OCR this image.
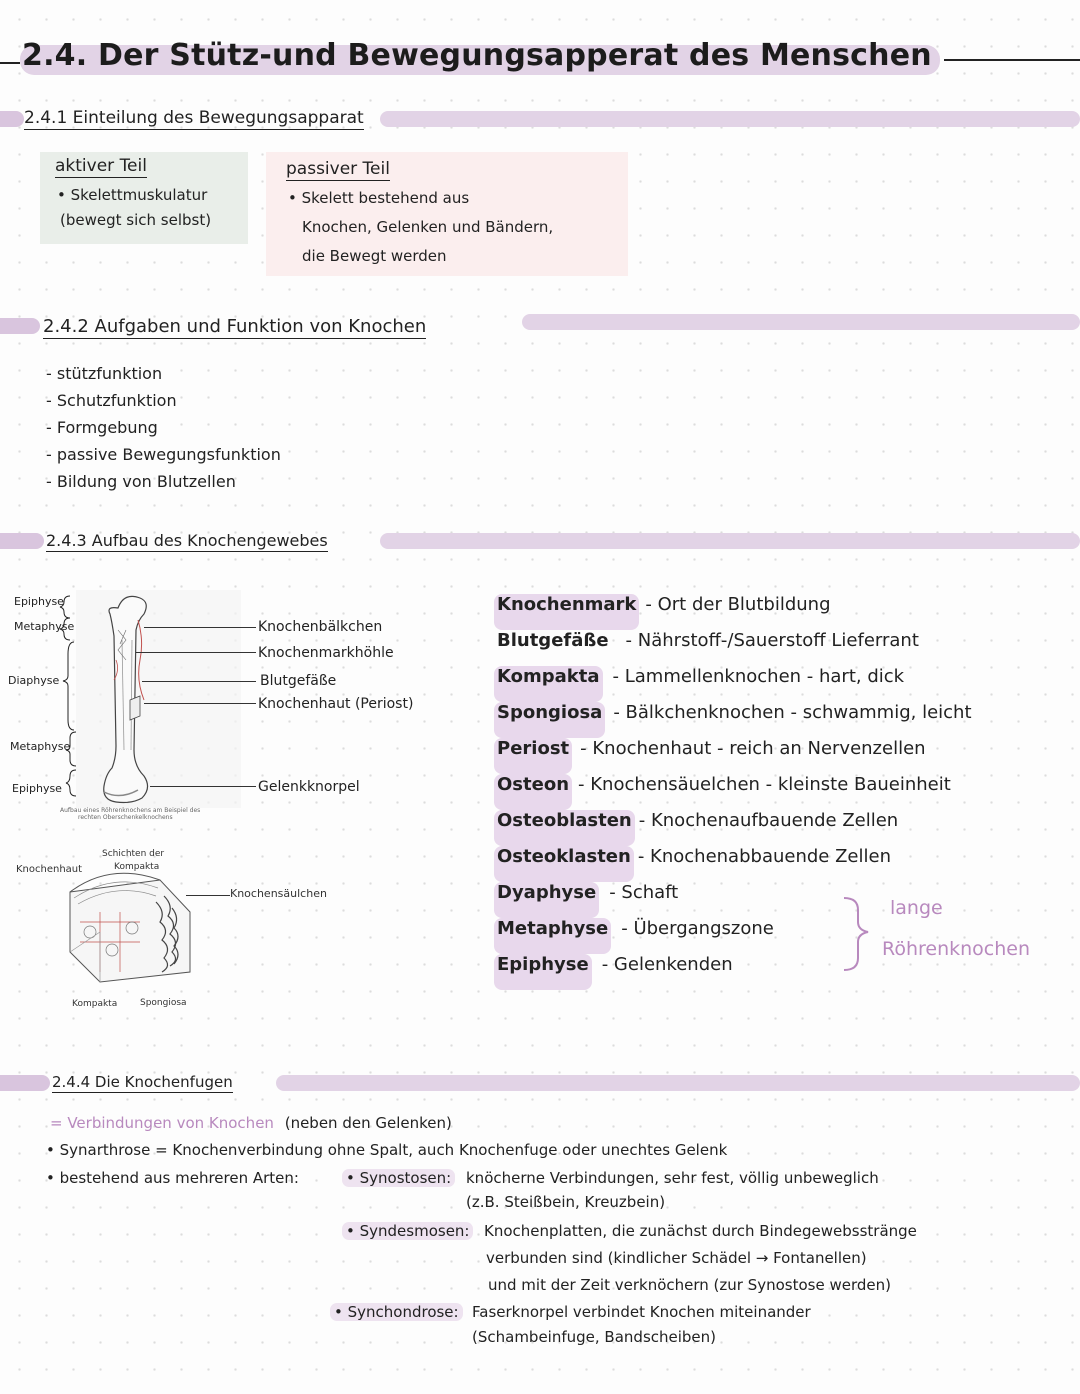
2.4. Der Stütz-und Bewegungsapperat des Menschen
2.4.1 Einteilung des Bewegungsapparat
aktiver Teil
• Skelettmuskulatur
(bewegt sich selbst)
passiver Teil
• Skelett bestehend aus
Knochen, Gelenken und Bändern,
die Bewegt werden
2.4.2 Aufgaben und Funktion von Knochen
- stützfunktion
- Schutzfunktion
- Formgebung
- passive Bewegungsfunktion
- Bildung von Blutzellen
2.4.3 Aufbau des Knochengewebes
Epiphyse
Metaphyse
Diaphyse
Metaphyse
Epiphyse
Knochenbälkchen
Knochenmarkhöhle
Blutgefäße
Knochenhaut (Periost)
Gelenkknorpel
Aufbau eines Röhrenknochens am Beispiel des
rechten Oberschenkelknochens
Schichten der
Kompakta
Knochenhaut
Knochensäulchen
Kompakta	Spongiosa
Knochenmark - Ort der Blutbildung
Blutgefäße - Nährstoff-/Sauerstoff Lieferrant
Kompakta - Lammellenknochen - hart, dick
Spongiosa - Bälkchenknochen - schwammig, leicht
Periost - Knochenhaut - reich an Nervenzellen
Osteon - Knochensäuelchen - kleinste Baueinheit
Osteoblasten - Knochenaufbauende Zellen
Osteoklasten - Knochenabbauende Zellen
Dyaphyse - Schaft
Metaphyse - Übergangszone
Epiphyse - Gelenkenden
lange
Röhrenknochen
2.4.4 Die Knochenfugen
= Verbindungen von Knochen (neben den Gelenken)
• Synarthrose = Knochenverbindung ohne Spalt, auch Knochenfuge oder unechtes Gelenk
• bestehend aus mehreren Arten:	• Synostosen: knöcherne Verbindungen, sehr fest, völlig unbeweglich
(z.B. Steißbein, Kreuzbein)
• Syndesmosen: Knochenplatten, die zunächst durch Bindegewebsstränge
verbunden sind (kindlicher Schädel → Fontanellen)
und mit der Zeit verknöchern (zur Synostose werden)
• Synchondrose: Faserknorpel verbindet Knochen miteinander
(Schambeinfuge, Bandscheiben)
